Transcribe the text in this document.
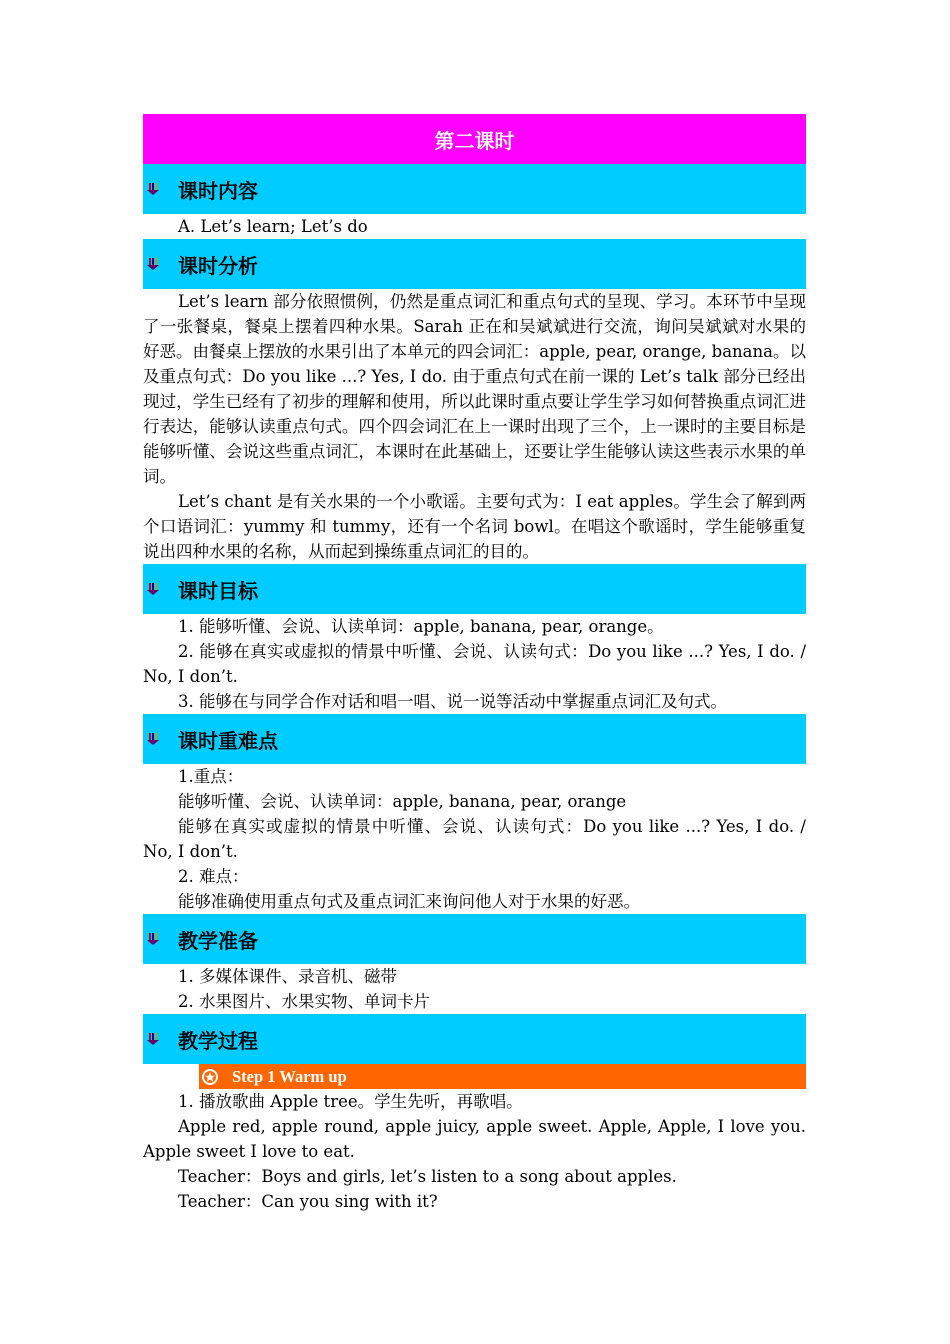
第二课时
课时内容
A. Let’s learn; Let’s do
课时分析
Let’s learn 部分依照惯例，仍然是重点词汇和重点句式的呈现、学习。本环节中呈现了一张餐桌，餐桌上摆着四种水果。Sarah 正在和吴斌斌进行交流，询问吴斌斌对水果的好恶。由餐桌上摆放的水果引出了本单元的四会词汇：apple, pear, orange, banana。以及重点句式：Do you like ...? Yes, I do. 由于重点句式在前一课的 Let’s talk 部分已经出现过，学生已经有了初步的理解和使用，所以此课时重点要让学生学习如何替换重点词汇进行表达，能够认读重点句式。四个四会词汇在上一课时出现了三个，上一课时的主要目标是能够听懂、会说这些重点词汇，本课时在此基础上，还要让学生能够认读这些表示水果的单词。
Let’s chant 是有关水果的一个小歌谣。主要句式为：I eat apples。学生会了解到两个口语词汇：yummy 和 tummy，还有一个名词 bowl。在唱这个歌谣时，学生能够重复说出四种水果的名称，从而起到操练重点词汇的目的。
课时目标
1. 能够听懂、会说、认读单词：apple, banana, pear, orange。
2. 能够在真实或虚拟的情景中听懂、会说、认读句式：Do you like ...? Yes, I do. / No, I don’t.
3. 能够在与同学合作对话和唱一唱、说一说等活动中掌握重点词汇及句式。
课时重难点
1.重点：
能够听懂、会说、认读单词：apple, banana, pear, orange
能够在真实或虚拟的情景中听懂、会说、认读句式：Do you like ...? Yes, I do. / No, I don’t.
2. 难点：
能够准确使用重点句式及重点词汇来询问他人对于水果的好恶。
教学准备
1. 多媒体课件、录音机、磁带
2. 水果图片、水果实物、单词卡片
教学过程
Step 1 Warm up
1. 播放歌曲 Apple tree。学生先听，再歌唱。
Apple red, apple round, apple juicy, apple sweet. Apple, Apple, I love you. Apple sweet I love to eat.
Teacher：Boys and girls, let’s listen to a song about apples.
Teacher：Can you sing with it?
